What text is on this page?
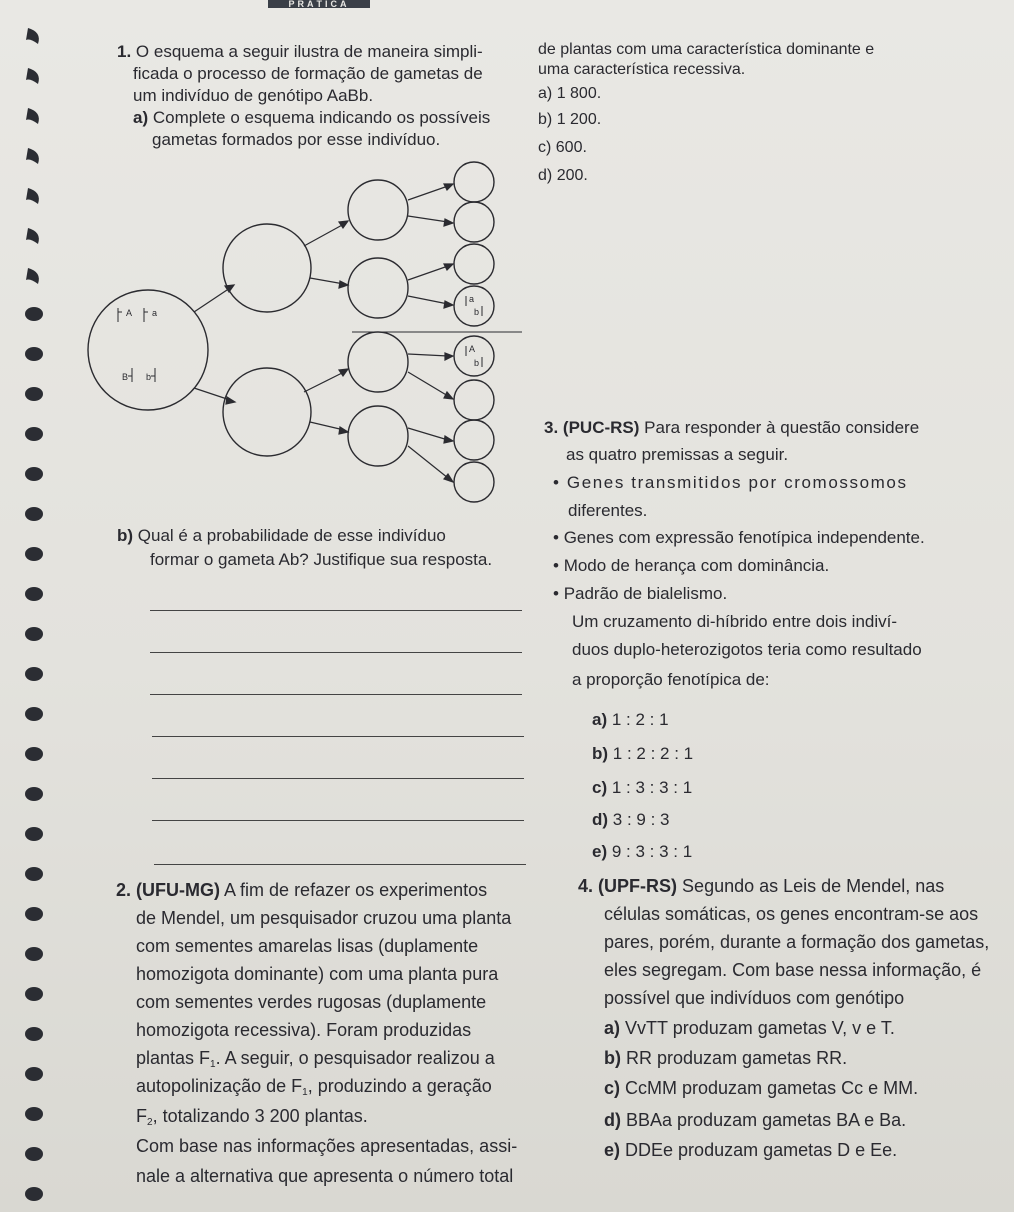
PRÁTICA
1. O esquema a seguir ilustra de maneira simpli-
ficada o processo de formação de gametas de
um indivíduo de genótipo AaBb.
a) Complete o esquema indicando os possíveis
gametas formados por esse indivíduo.
A a
B b
a
b
A
b
b) Qual é a probabilidade de esse indivíduo
formar o gameta Ab? Justifique sua resposta.
2. (UFU-MG) A fim de refazer os experimentos
de Mendel, um pesquisador cruzou uma planta
com sementes amarelas lisas (duplamente
homozigota dominante) com uma planta pura
com sementes verdes rugosas (duplamente
homozigota recessiva). Foram produzidas
plantas $F_1$. A seguir, o pesquisador realizou a
autopolinização de $F_1$, produzindo a geração
$F_2$, totalizando 3 200 plantas.
Com base nas informações apresentadas, assi-
nale a alternativa que apresenta o número total
de plantas com uma característica dominante e
uma característica recessiva.
a) 1 800.
b) 1 200.
c) 600.
d) 200.
3. (PUC-RS) Para responder à questão considere
as quatro premissas a seguir.
• Genes transmitidos por cromossomos
diferentes.
• Genes com expressão fenotípica independente.
• Modo de herança com dominância.
• Padrão de bialelismo.
Um cruzamento di-híbrido entre dois indiví-
duos duplo-heterozigotos teria como resultado
a proporção fenotípica de:
a) 1 : 2 : 1
b) 1 : 2 : 2 : 1
c) 1 : 3 : 3 : 1
d) 3 : 9 : 3
e) 9 : 3 : 3 : 1
4. (UPF-RS) Segundo as Leis de Mendel, nas
células somáticas, os genes encontram-se aos
pares, porém, durante a formação dos gametas,
eles segregam. Com base nessa informação, é
possível que indivíduos com genótipo
a) VvTT produzam gametas V, v e T.
b) RR produzam gametas RR.
c) CcMM produzam gametas Cc e MM.
d) BBAa produzam gametas BA e Ba.
e) DDEe produzam gametas D e Ee.
